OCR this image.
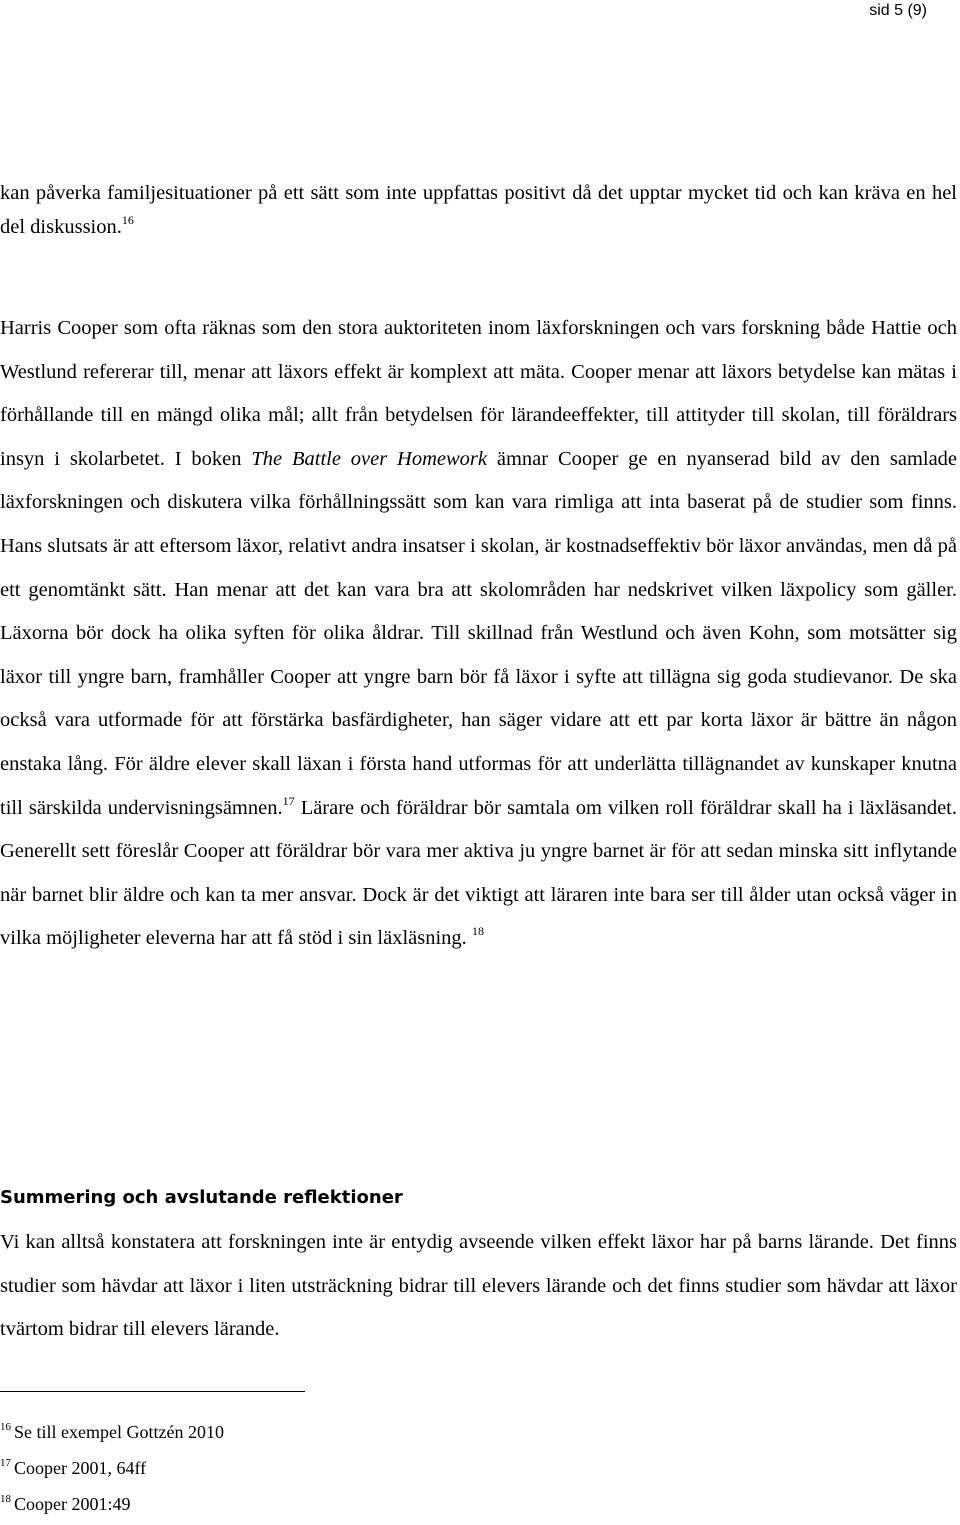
sid 5 (9)

kan påverka familjesituationer på ett sätt som inte uppfattas positivt då det upptar mycket tid och kan kräva en hel del diskussion.$^{16}$

Harris Cooper som ofta räknas som den stora auktoriteten inom läxforskningen och vars forskning både Hattie och Westlund refererar till, menar att läxors effekt är komplext att mäta. Cooper menar att läxors betydelse kan mätas i förhållande till en mängd olika mål; allt från betydelsen för lärandeeffekter, till attityder till skolan, till föräldrars insyn i skolarbetet. I boken The Battle over Homework ämnar Cooper ge en nyanserad bild av den samlade läxforskningen och diskutera vilka förhållningssätt som kan vara rimliga att inta baserat på de studier som finns. Hans slutsats är att eftersom läxor, relativt andra insatser i skolan, är kostnadseffektiv bör läxor användas, men då på ett genomtänkt sätt. Han menar att det kan vara bra att skolområden har nedskrivet vilken läxpolicy som gäller. Läxorna bör dock ha olika syften för olika åldrar. Till skillnad från Westlund och även Kohn, som motsätter sig läxor till yngre barn, framhåller Cooper att yngre barn bör få läxor i syfte att tillägna sig goda studievanor. De ska också vara utformade för att förstärka basfärdigheter, han säger vidare att ett par korta läxor är bättre än någon enstaka lång. För äldre elever skall läxan i första hand utformas för att underlätta tillägnandet av kunskaper knutna till särskilda undervisningsämnen.$^{17}$ Lärare och föräldrar bör samtala om vilken roll föräldrar skall ha i läxläsandet. Generellt sett föreslår Cooper att föräldrar bör vara mer aktiva ju yngre barnet är för att sedan minska sitt inflytande när barnet blir äldre och kan ta mer ansvar. Dock är det viktigt att läraren inte bara ser till ålder utan också väger in vilka möjligheter eleverna har att få stöd i sin läxläsning. $^{18}$

Summering och avslutande reflektioner

Vi kan alltså konstatera att forskningen inte är entydig avseende vilken effekt läxor har på barns lärande. Det finns studier som hävdar att läxor i liten utsträckning bidrar till elevers lärande och det finns studier som hävdar att läxor tvärtom bidrar till elevers lärande.

$^{16}$ Se till exempel Gottzén 2010
$^{17}$ Cooper 2001, 64ff
$^{18}$ Cooper 2001:49
